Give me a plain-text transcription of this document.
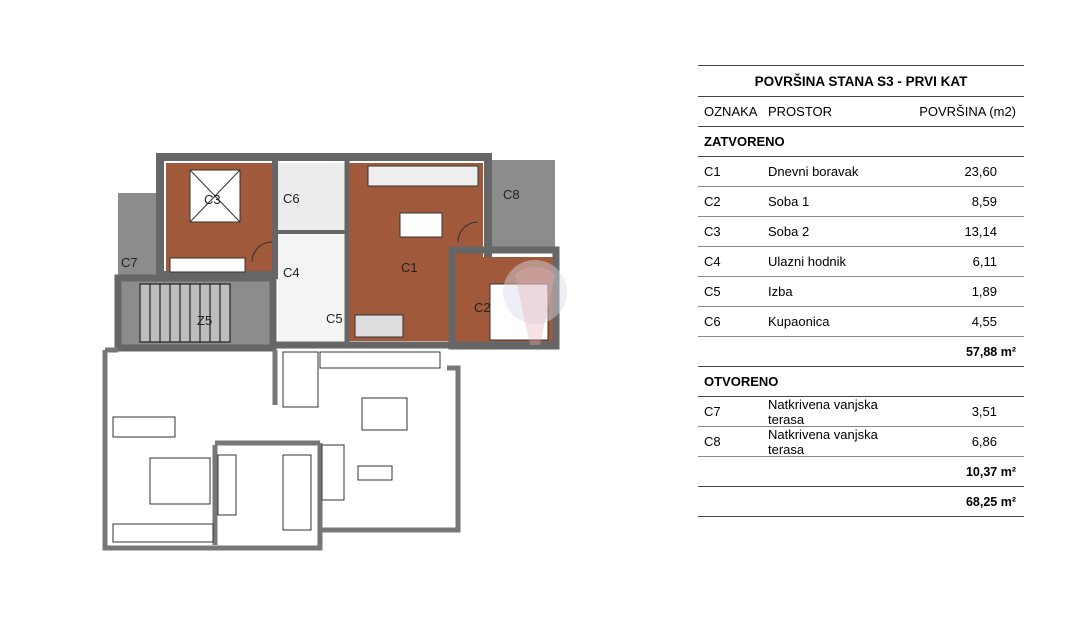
C3	C6	C8
C7
C4	C1
C5
C2
Z5
POVRŠINA STANA S3 - PRVI KAT
OZNAKA PROSTOR	POVRŠINA (m2)
ZATVORENO
C1	Dnevni boravak	23,60
C2	Soba 1	8,59
C3	Soba 2	13,14
C4	Ulazni hodnik	6,11
C5	Izba	1,89
C6	Kupaonica	4,55
57,88 m²
OTVORENO
C7	Natkrivena vanjska terasa	3,51
C8	Natkrivena vanjska terasa	6,86
10,37 m²
68,25 m²
